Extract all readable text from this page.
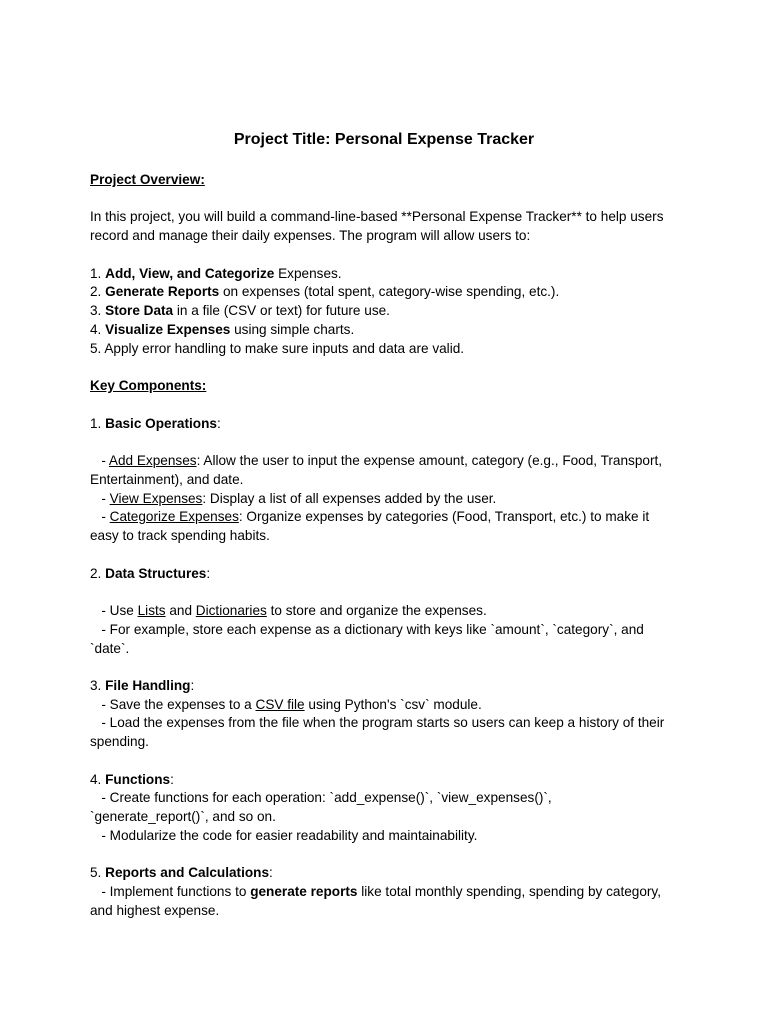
Project Title: Personal Expense Tracker
Project Overview:
In this project, you will build a command-line-based **Personal Expense Tracker** to help users
record and manage their daily expenses. The program will allow users to:
1. Add, View, and Categorize Expenses.
2. Generate Reports on expenses (total spent, category-wise spending, etc.).
3. Store Data in a file (CSV or text) for future use.
4. Visualize Expenses using simple charts.
5. Apply error handling to make sure inputs and data are valid.
Key Components:
1. Basic Operations:
- Add Expenses: Allow the user to input the expense amount, category (e.g., Food, Transport,
Entertainment), and date.
- View Expenses: Display a list of all expenses added by the user.
- Categorize Expenses: Organize expenses by categories (Food, Transport, etc.) to make it
easy to track spending habits.
2. Data Structures:
- Use Lists and Dictionaries to store and organize the expenses.
- For example, store each expense as a dictionary with keys like `amount`, `category`, and
`date`.
3. File Handling:
- Save the expenses to a CSV file using Python's `csv` module.
- Load the expenses from the file when the program starts so users can keep a history of their
spending.
4. Functions:
- Create functions for each operation: `add_expense()`, `view_expenses()`,
`generate_report()`, and so on.
- Modularize the code for easier readability and maintainability.
5. Reports and Calculations:
- Implement functions to generate reports like total monthly spending, spending by category,
and highest expense.
